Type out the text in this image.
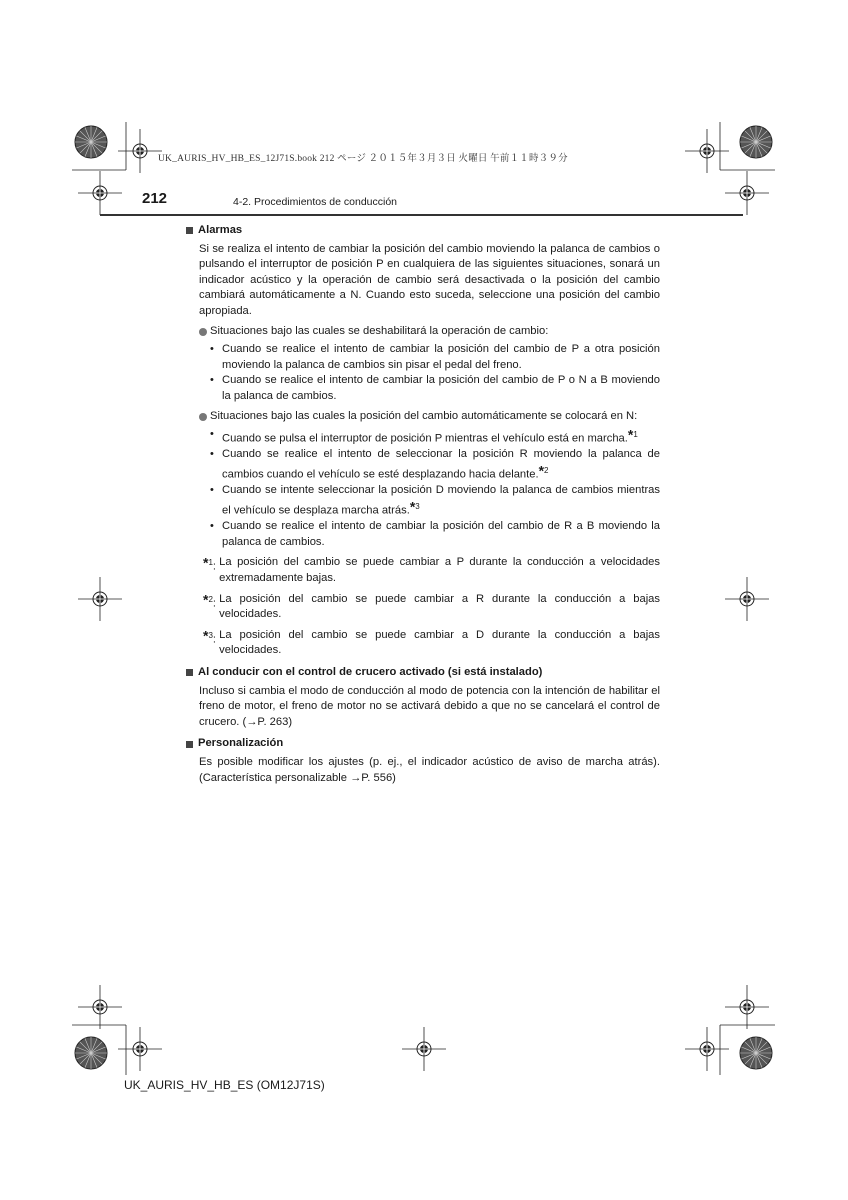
UK_AURIS_HV_HB_ES_12J71S.book 212 ページ ２０１５年３月３日 火曜日 午前１１時３９分
212	4-2. Procedimientos de conducción
Alarmas
Si se realiza el intento de cambiar la posición del cambio moviendo la palanca de cambios o pulsando el interruptor de posición P en cualquiera de las siguientes situaciones, sonará un indicador acústico y la operación de cambio será desactivada o la posición del cambio cambiará automáticamente a N. Cuando esto suceda, seleccione una posición del cambio apropiada.
Situaciones bajo las cuales se deshabilitará la operación de cambio:
• Cuando se realice el intento de cambiar la posición del cambio de P a otra posición moviendo la palanca de cambios sin pisar el pedal del freno.
• Cuando se realice el intento de cambiar la posición del cambio de P o N a B moviendo la palanca de cambios.
Situaciones bajo las cuales la posición del cambio automáticamente se colocará en N:
• Cuando se pulsa el interruptor de posición P mientras el vehículo está en marcha.*$^1$
• Cuando se realice el intento de seleccionar la posición R moviendo la palanca de cambios cuando el vehículo se esté desplazando hacia delante.*$^2$
• Cuando se intente seleccionar la posición D moviendo la palanca de cambios mientras el vehículo se desplaza marcha atrás.*$^3$
• Cuando se realice el intento de cambiar la posición del cambio de R a B moviendo la palanca de cambios.
*$^1$: La posición del cambio se puede cambiar a P durante la conducción a velocidades extremadamente bajas.
*$^2$: La posición del cambio se puede cambiar a R durante la conducción a bajas velocidades.
*$^3$: La posición del cambio se puede cambiar a D durante la conducción a bajas velocidades.
Al conducir con el control de crucero activado (si está instalado)
Incluso si cambia el modo de conducción al modo de potencia con la intención de habilitar el freno de motor, el freno de motor no se activará debido a que no se cancelará el control de crucero. (→P. 263)
Personalización
Es posible modificar los ajustes (p. ej., el indicador acústico de aviso de marcha atrás). (Característica personalizable →P. 556)
UK_AURIS_HV_HB_ES (OM12J71S)
